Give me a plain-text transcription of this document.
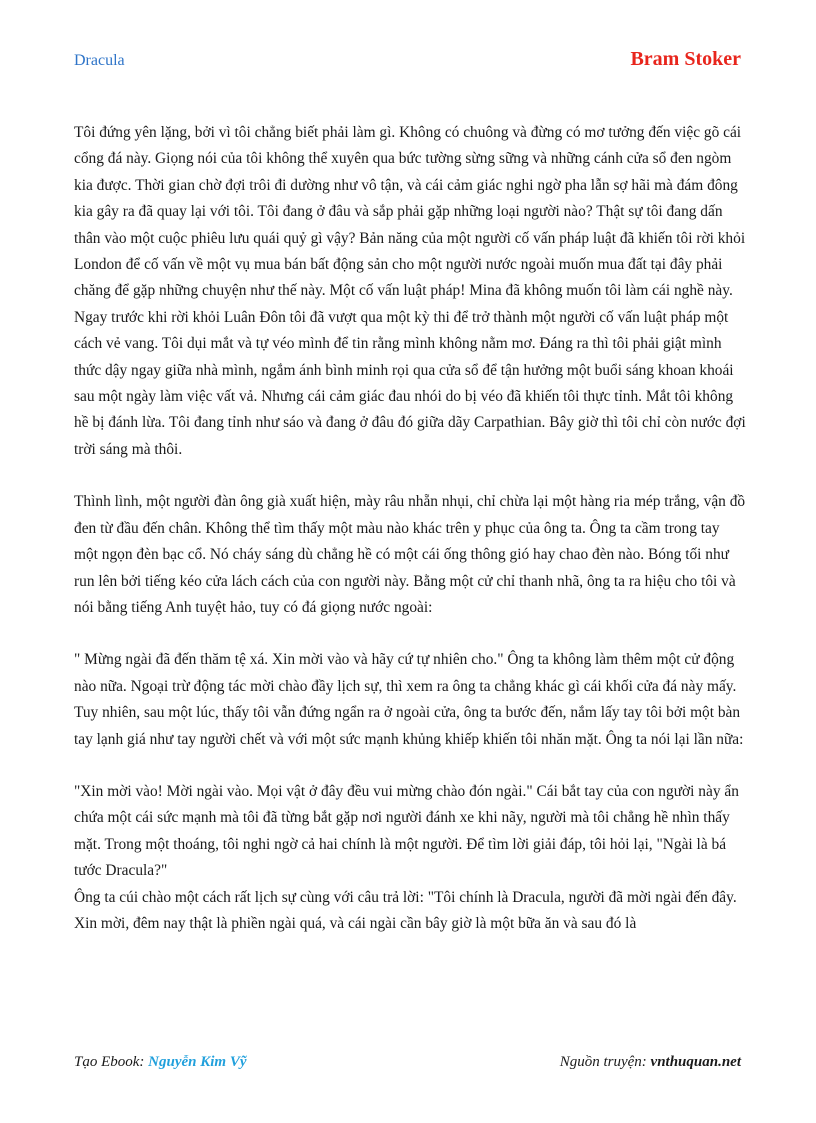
Dracula	Bram Stoker

Tôi đứng yên lặng, bởi vì tôi chẳng biết phải làm gì. Không có chuông và đừng có mơ tưởng đến việc gõ cái cổng đá này. Giọng nói của tôi không thể xuyên qua bức tường sừng sững và những cánh cửa sổ đen ngòm kia được. Thời gian chờ đợi trôi đi dường như vô tận, và cái cảm giác nghi ngờ pha lẫn sợ hãi mà đám đông kia gây ra đã quay lại với tôi. Tôi đang ở đâu và sắp phải gặp những loại người nào? Thật sự tôi đang dấn thân vào một cuộc phiêu lưu quái quỷ gì vậy? Bản năng của một người cố vấn pháp luật đã khiến tôi rời khỏi London để cố vấn về một vụ mua bán bất động sản cho một người nước ngoài muốn mua đất tại đây phải chăng để gặp những chuyện như thế này. Một cố vấn luật pháp! Mina đã không muốn tôi làm cái nghề này. Ngay trước khi rời khỏi Luân Đôn tôi đã vượt qua một kỳ thi để trở thành một người cố vấn luật pháp một cách vẻ vang. Tôi dụi mắt và tự véo mình để tin rằng mình không nằm mơ. Đáng ra thì tôi phải giật mình thức dậy ngay giữa nhà mình, ngắm ánh bình minh rọi qua cửa sổ để tận hưởng một buổi sáng khoan khoái sau một ngày làm việc vất vả. Nhưng cái cảm giác đau nhói do bị véo đã khiến tôi thực tỉnh. Mắt tôi không hề bị đánh lừa. Tôi đang tỉnh như sáo và đang ở đâu đó giữa dãy Carpathian. Bây giờ thì tôi chỉ còn nước đợi trời sáng mà thôi.

Thình lình, một người đàn ông già xuất hiện, mày râu nhẵn nhụi, chỉ chừa lại một hàng ria mép trắng, vận đồ đen từ đầu đến chân. Không thể tìm thấy một màu nào khác trên y phục của ông ta. Ông ta cầm trong tay một ngọn đèn bạc cổ. Nó cháy sáng dù chẳng hề có một cái ống thông gió hay chao đèn nào. Bóng tối như run lên bởi tiếng kéo cửa lách cách của con người này. Bằng một cử chỉ thanh nhã, ông ta ra hiệu cho tôi và nói bằng tiếng Anh tuyệt hảo, tuy có đá giọng nước ngoài:

" Mừng ngài đã đến thăm tệ xá. Xin mời vào và hãy cứ tự nhiên cho." Ông ta không làm thêm một cử động nào nữa. Ngoại trừ động tác mời chào đầy lịch sự, thì xem ra ông ta chẳng khác gì cái khối cửa đá này mấy. Tuy nhiên, sau một lúc, thấy tôi vẫn đứng ngẩn ra ở ngoài cửa, ông ta bước đến, nắm lấy tay tôi bởi một bàn tay lạnh giá như tay người chết và với một sức mạnh khủng khiếp khiến tôi nhăn mặt. Ông ta nói lại lần nữa:

"Xin mời vào! Mời ngài vào. Mọi vật ở đây đều vui mừng chào đón ngài." Cái bắt tay của con người này ẩn chứa một cái sức mạnh mà tôi đã từng bắt gặp nơi người đánh xe khi nãy, người mà tôi chẳng hề nhìn thấy mặt. Trong một thoáng, tôi nghi ngờ cả hai chính là một người. Để tìm lời giải đáp, tôi hỏi lại, "Ngài là bá tước Dracula?"

Ông ta cúi chào một cách rất lịch sự cùng với câu trả lời: "Tôi chính là Dracula, người đã mời ngài đến đây. Xin mời, đêm nay thật là phiền ngài quá, và cái ngài cần bây giờ là một bữa ăn và sau đó là

Tạo Ebook: Nguyễn Kim Vỹ	Nguồn truyện: vnthuquan.net
